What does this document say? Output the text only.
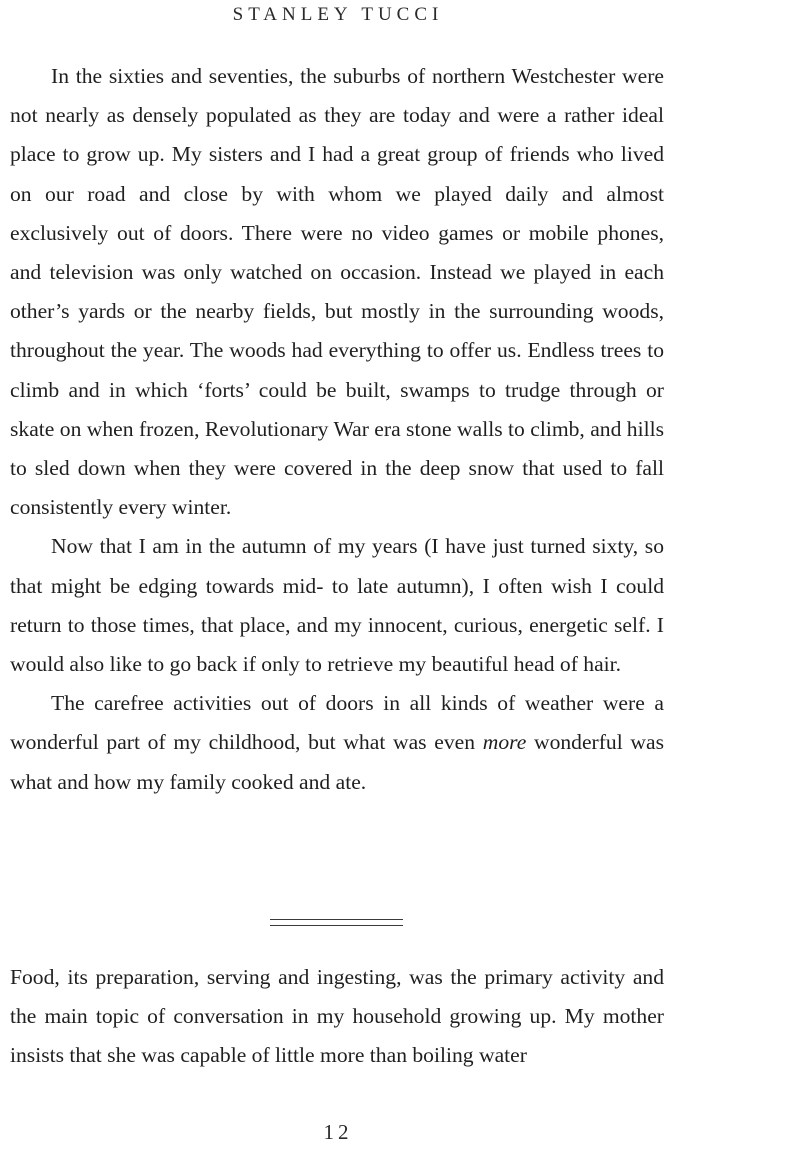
STANLEY TUCCI

In the sixties and seventies, the suburbs of northern Westchester were not nearly as densely populated as they are today and were a rather ideal place to grow up. My sisters and I had a great group of friends who lived on our road and close by with whom we played daily and almost exclusively out of doors. There were no video games or mobile phones, and television was only watched on occasion. Instead we played in each other’s yards or the nearby fields, but mostly in the surrounding woods, throughout the year. The woods had everything to offer us. Endless trees to climb and in which ‘forts’ could be built, swamps to trudge through or skate on when frozen, Revolutionary War era stone walls to climb, and hills to sled down when they were covered in the deep snow that used to fall consistently every winter.

Now that I am in the autumn of my years (I have just turned sixty, so that might be edging towards mid- to late autumn), I often wish I could return to those times, that place, and my innocent, curious, energetic self. I would also like to go back if only to retrieve my beautiful head of hair.

The carefree activities out of doors in all kinds of weather were a wonderful part of my childhood, but what was even more wonderful was what and how my family cooked and ate.

Food, its preparation, serving and ingesting, was the primary activity and the main topic of conversation in my household growing up. My mother insists that she was capable of little more than boiling water

12
